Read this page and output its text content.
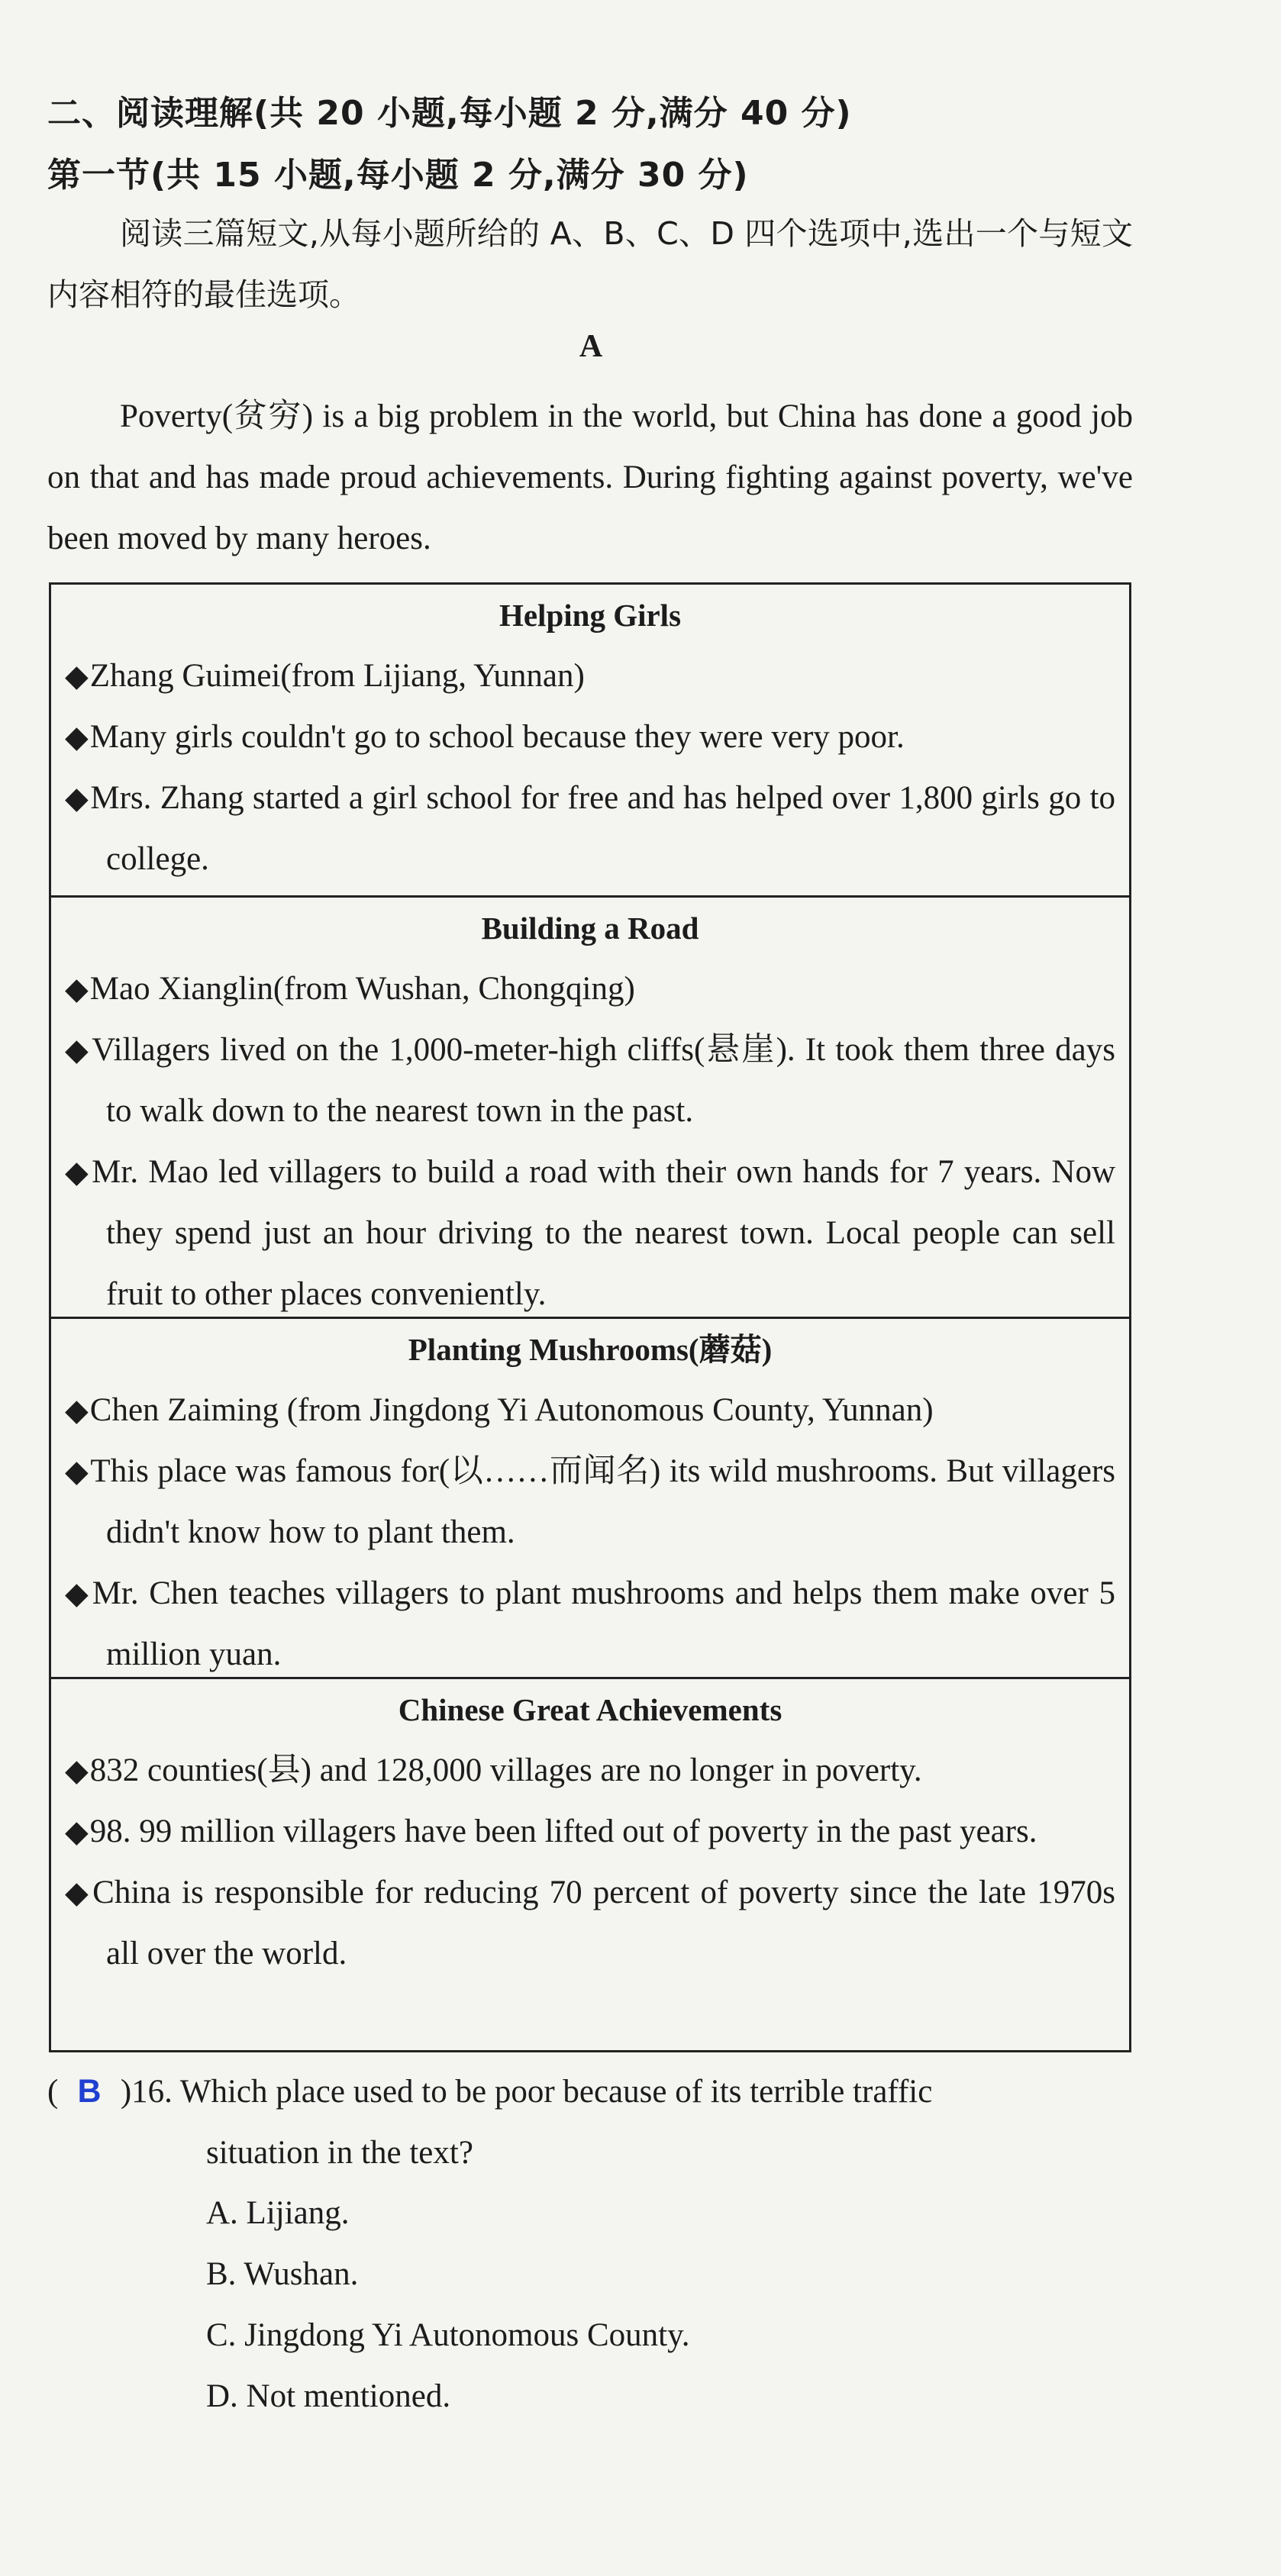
二、阅读理解(共 20 小题,每小题 2 分,满分 40 分)
第一节(共 15 小题,每小题 2 分,满分 30 分)
阅读三篇短文,从每小题所给的 A、B、C、D 四个选项中,选出一个与短文内容相符的最佳选项。
A
Poverty(贫穷) is a big problem in the world, but China has done a good job on that and has made proud achievements. During fighting against poverty, we've been moved by many heroes.
Helping Girls
◆Zhang Guimei(from Lijiang, Yunnan)
◆Many girls couldn't go to school because they were very poor.
◆Mrs. Zhang started a girl school for free and has helped over 1,800 girls go to college.
Building a Road
◆Mao Xianglin(from Wushan, Chongqing)
◆Villagers lived on the 1,000-meter-high cliffs(悬崖). It took them three days to walk down to the nearest town in the past.
◆Mr. Mao led villagers to build a road with their own hands for 7 years. Now they spend just an hour driving to the nearest town. Local people can sell fruit to other places conveniently.
Planting Mushrooms(蘑菇)
◆Chen Zaiming (from Jingdong Yi Autonomous County, Yunnan)
◆This place was famous for(以……而闻名) its wild mushrooms. But villagers didn't know how to plant them.
◆Mr. Chen teaches villagers to plant mushrooms and helps them make over 5 million yuan.
Chinese Great Achievements
◆832 counties(县) and 128,000 villages are no longer in poverty.
◆98. 99 million villagers have been lifted out of poverty in the past years.
◆China is responsible for reducing 70 percent of poverty since the late 1970s all over the world.
( B )16. Which place used to be poor because of its terrible traffic
situation in the text?
A. Lijiang.
B. Wushan.
C. Jingdong Yi Autonomous County.
D. Not mentioned.
